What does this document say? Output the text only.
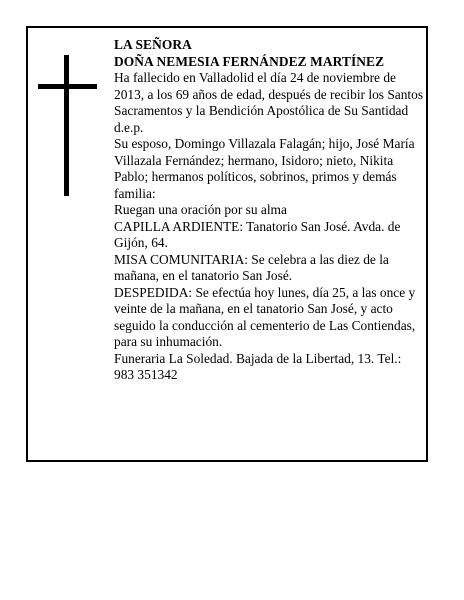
LA SEÑORA

DOÑA NEMESIA FERNÁNDEZ MARTÍNEZ

Ha fallecido en Valladolid el día 24 de noviembre de 2013, a los 69 años de edad, después de recibir los Santos Sacramentos y la Bendición Apostólica de Su Santidad

d.e.p.

Su esposo, Domingo Villazala Falagán; hijo, José María Villazala Fernández; hermano, Isidoro; nieto, Nikita Pablo; hermanos políticos, sobrinos, primos y demás familia:

Ruegan una oración por su alma

CAPILLA ARDIENTE: Tanatorio San José. Avda. de Gijón, 64.

MISA COMUNITARIA: Se celebra a las diez de la mañana, en el tanatorio San José.

DESPEDIDA: Se efectúa hoy lunes, día 25, a las once y veinte de la mañana, en el tanatorio San José, y acto seguido la conducción al cementerio de Las Contiendas, para su inhumación.

Funeraria La Soledad. Bajada de la Libertad, 13. Tel.: 983 351342
